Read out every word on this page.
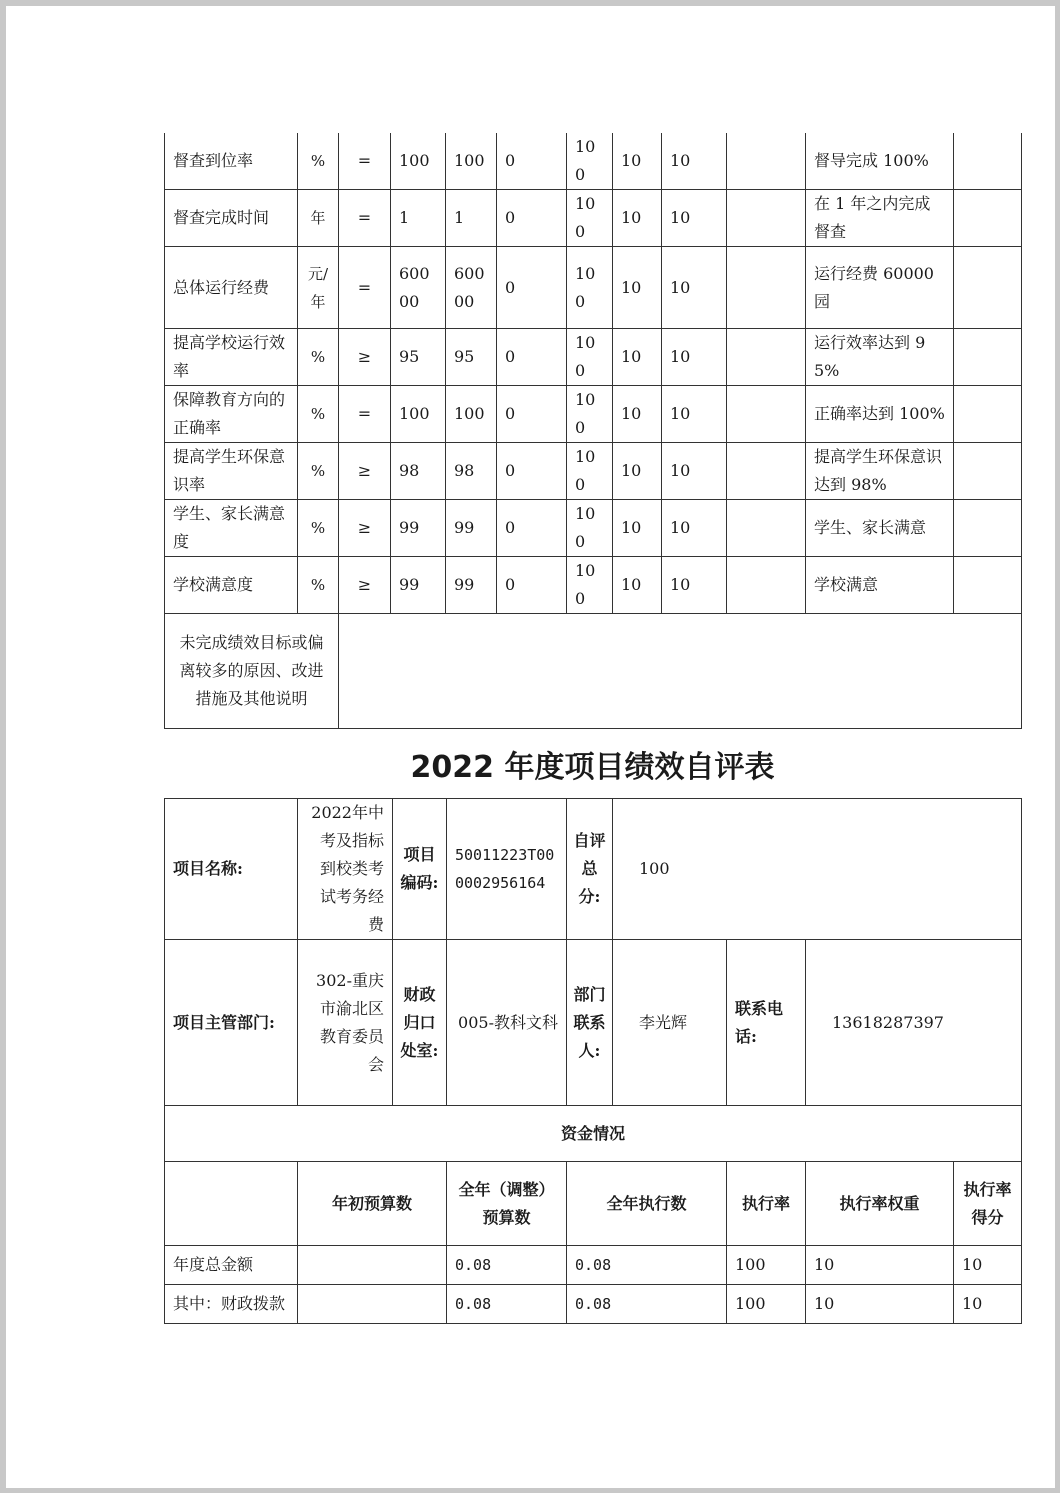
督查到位率	%	=	100	100	0	100	10	10		督导完成 100%	
督查完成时间	年	=	1	1	0	100	10	10		在 1 年之内完成督查	
总体运行经费	元/年	=	60000	60000	0	100	10	10		运行经费 60000 园	
提高学校运行效率	%	≥	95	95	0	100	10	10		运行效率达到 95%	
保障教育方向的正确率	%	=	100	100	0	100	10	10		正确率达到 100%	
提高学生环保意识率	%	≥	98	98	0	100	10	10		提高学生环保意识达到 98%	
学生、家长满意度	%	≥	99	99	0	100	10	10		学生、家长满意	
学校满意度	%	≥	99	99	0	100	10	10		学校满意	
未完成绩效目标或偏离较多的原因、改进措施及其他说明											
2022 年度项目绩效自评表
项目名称:	2022年中考及指标到校类考试考务经费	项目编码:	50011223T000002956164	自评总分:	100			
项目主管部门:	302-重庆市渝北区教育委员会	财政归口处室:	005-教科文科	部门联系人:	李光辉	联系电话:	13618287397	
资金情况								
	年初预算数		全年（调整）预算数	全年执行数		执行率	执行率权重	执行率得分
年度总金额			0.08	0.08		100	10	10
其中：财政拨款			0.08	0.08		100	10	10
